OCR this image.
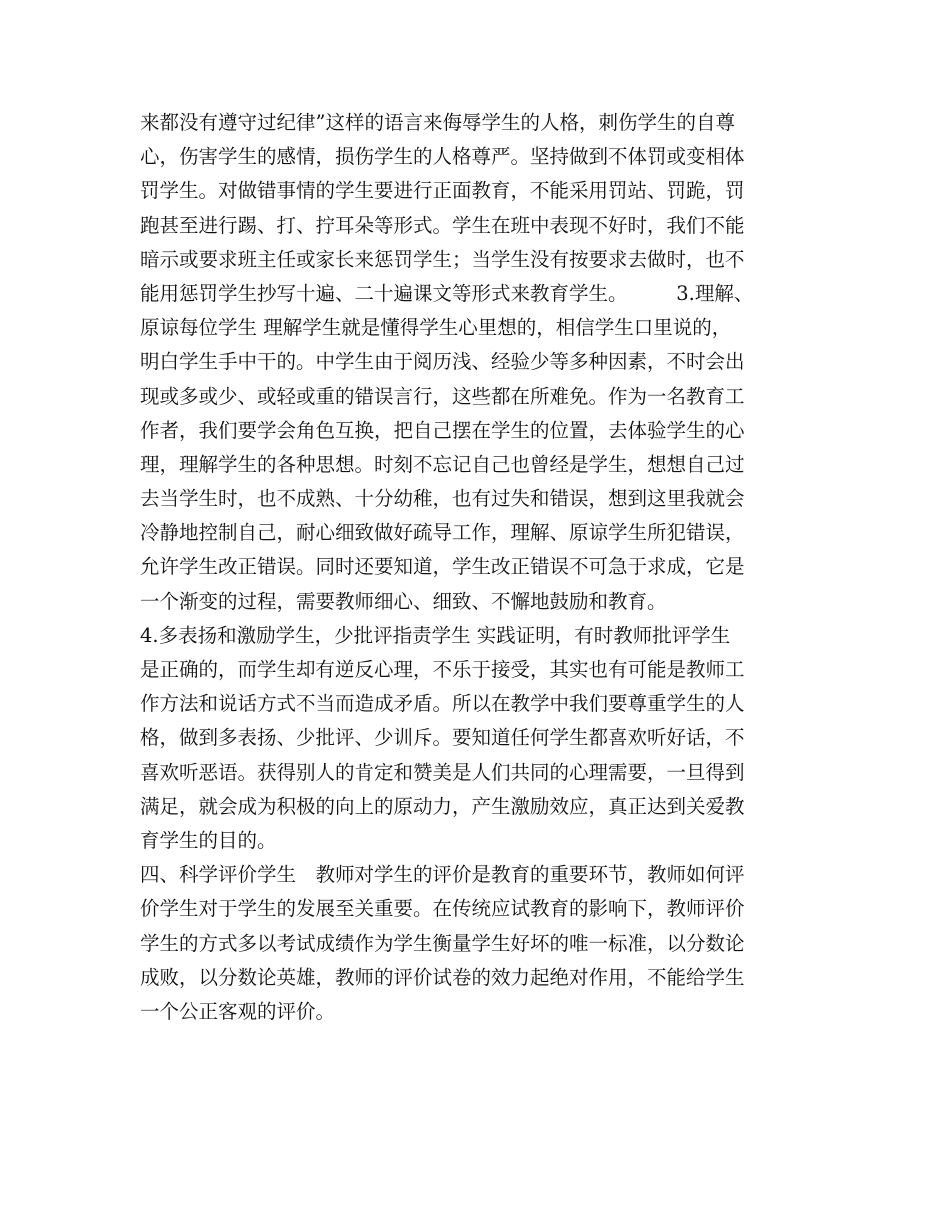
来都没有遵守过纪律”这样的语言来侮辱学生的人格，刺伤学生的自尊
心，伤害学生的感情，损伤学生的人格尊严。坚持做到不体罚或变相体
罚学生。对做错事情的学生要进行正面教育，不能采用罚站、罚跪，罚
跑甚至进行踢、打、拧耳朵等形式。学生在班中表现不好时，我们不能
暗示或要求班主任或家长来惩罚学生；当学生没有按要求去做时，也不
能用惩罚学生抄写十遍、二十遍课文等形式来教育学生。　　　3.理解、
原谅每位学生 理解学生就是懂得学生心里想的，相信学生口里说的，
明白学生手中干的。中学生由于阅历浅、经验少等多种因素，不时会出
现或多或少、或轻或重的错误言行，这些都在所难免。作为一名教育工
作者，我们要学会角色互换，把自己摆在学生的位置，去体验学生的心
理，理解学生的各种思想。时刻不忘记自己也曾经是学生，想想自己过
去当学生时，也不成熟、十分幼稚，也有过失和错误，想到这里我就会
冷静地控制自己，耐心细致做好疏导工作，理解、原谅学生所犯错误，
允许学生改正错误。同时还要知道，学生改正错误不可急于求成，它是
一个渐变的过程，需要教师细心、细致、不懈地鼓励和教育。
4.多表扬和激励学生，少批评指责学生 实践证明，有时教师批评学生
是正确的，而学生却有逆反心理，不乐于接受，其实也有可能是教师工
作方法和说话方式不当而造成矛盾。所以在教学中我们要尊重学生的人
格，做到多表扬、少批评、少训斥。要知道任何学生都喜欢听好话，不
喜欢听恶语。获得别人的肯定和赞美是人们共同的心理需要，一旦得到
满足，就会成为积极的向上的原动力，产生激励效应，真正达到关爱教
育学生的目的。
四、科学评价学生　教师对学生的评价是教育的重要环节，教师如何评
价学生对于学生的发展至关重要。在传统应试教育的影响下，教师评价
学生的方式多以考试成绩作为学生衡量学生好坏的唯一标准，以分数论
成败，以分数论英雄，教师的评价试卷的效力起绝对作用，不能给学生
一个公正客观的评价。
